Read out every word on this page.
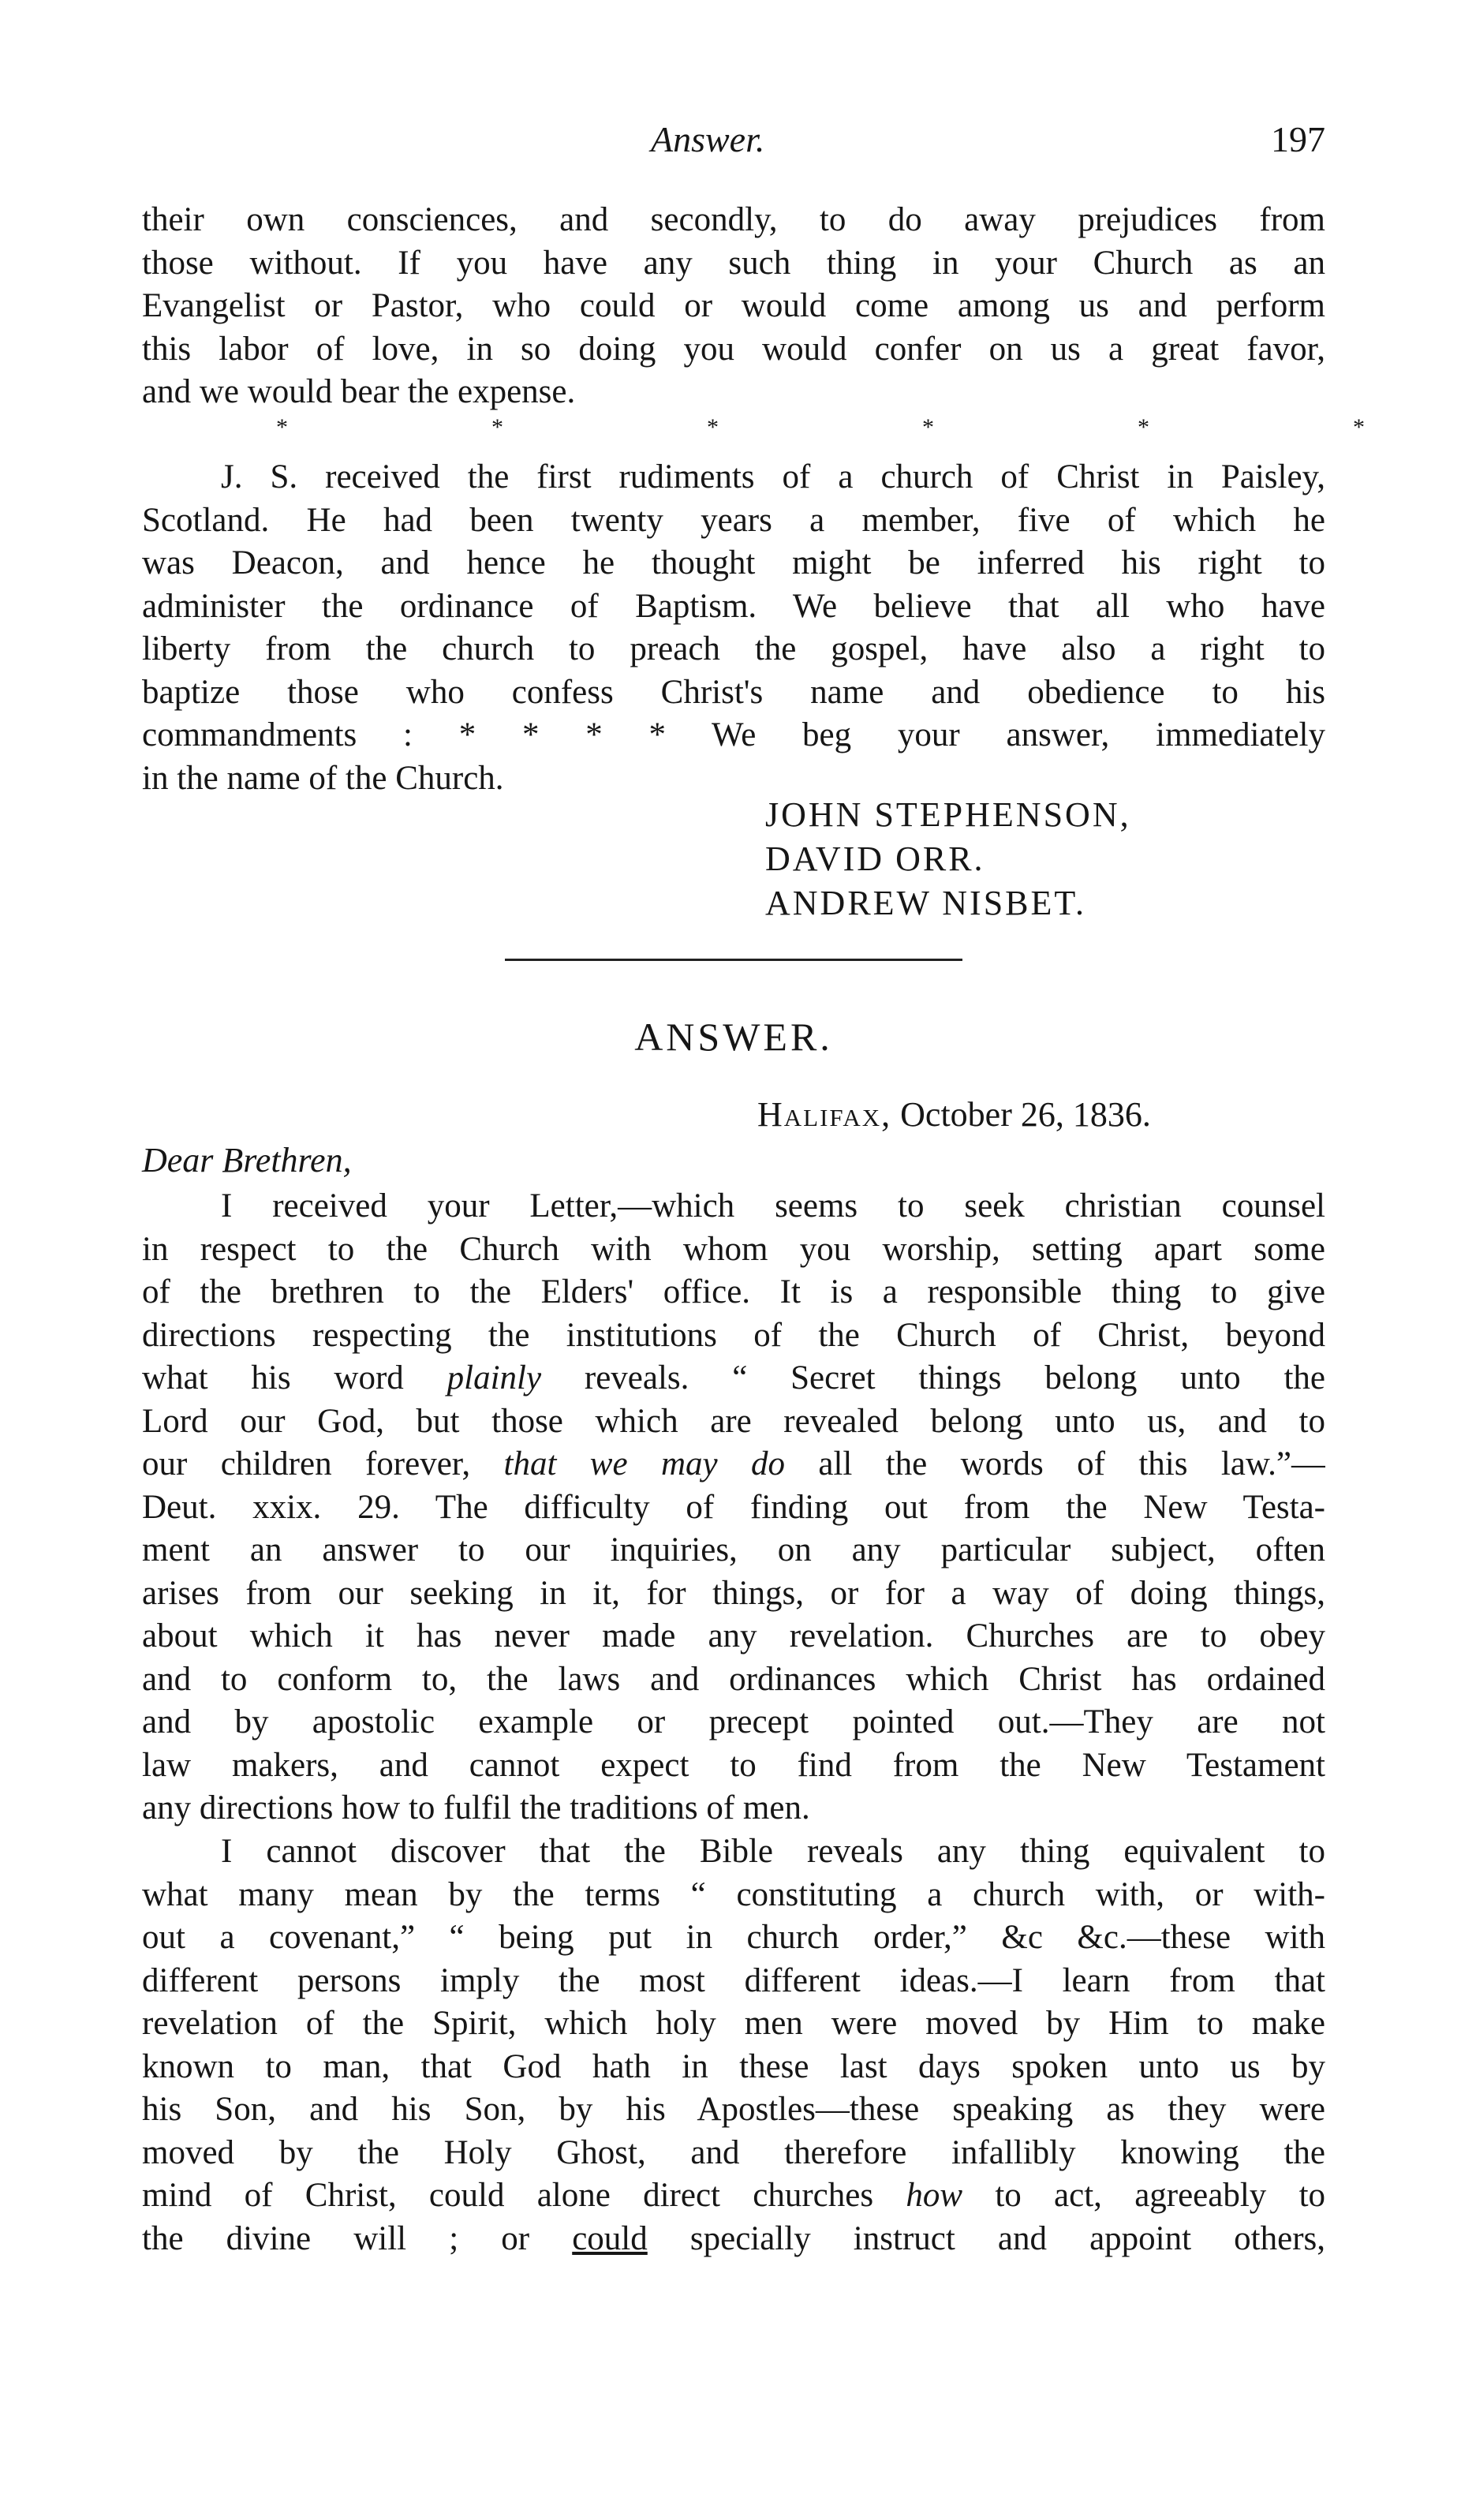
Answer.	197
their own consciences, and secondly, to do away prejudices from
those without. If you have any such thing in your Church as an
Evangelist or Pastor, who could or would come among us and perform
this labor of love, in so doing you would confer on us a great favor,
and we would bear the expense.
*	*	*	*	*	*
J. S. received the first rudiments of a church of Christ in Paisley,
Scotland. He had been twenty years a member, five of which he
was Deacon, and hence he thought might be inferred his right to
administer the ordinance of Baptism. We believe that all who have
liberty from the church to preach the gospel, have also a right to
baptize those who confess Christ's name and obedience to his
commandments : * * * * We beg your answer, immediately
in the name of the Church.
JOHN STEPHENSON,
DAVID ORR.
ANDREW NISBET.
ANSWER.
Halifax, October 26, 1836.
Dear Brethren,
I received your Letter,—which seems to seek christian counsel
in respect to the Church with whom you worship, setting apart some
of the brethren to the Elders' office. It is a responsible thing to give
directions respecting the institutions of the Church of Christ, beyond
what his word plainly reveals. “ Secret things belong unto the
Lord our God, but those which are revealed belong unto us, and to
our children forever, that we may do all the words of this law.”—
Deut. xxix. 29. The difficulty of finding out from the New Testa-
ment an answer to our inquiries, on any particular subject, often
arises from our seeking in it, for things, or for a way of doing things,
about which it has never made any revelation. Churches are to obey
and to conform to, the laws and ordinances which Christ has ordained
and by apostolic example or precept pointed out.—They are not
law makers, and cannot expect to find from the New Testament
any directions how to fulfil the traditions of men.
I cannot discover that the Bible reveals any thing equivalent to
what many mean by the terms “ constituting a church with, or with-
out a covenant,” “ being put in church order,” &c &c.—these with
different persons imply the most different ideas.—I learn from that
revelation of the Spirit, which holy men were moved by Him to make
known to man, that God hath in these last days spoken unto us by
his Son, and his Son, by his Apostles—these speaking as they were
moved by the Holy Ghost, and therefore infallibly knowing the
mind of Christ, could alone direct churches how to act, agreeably to
the divine will ; or could specially instruct and appoint others,
